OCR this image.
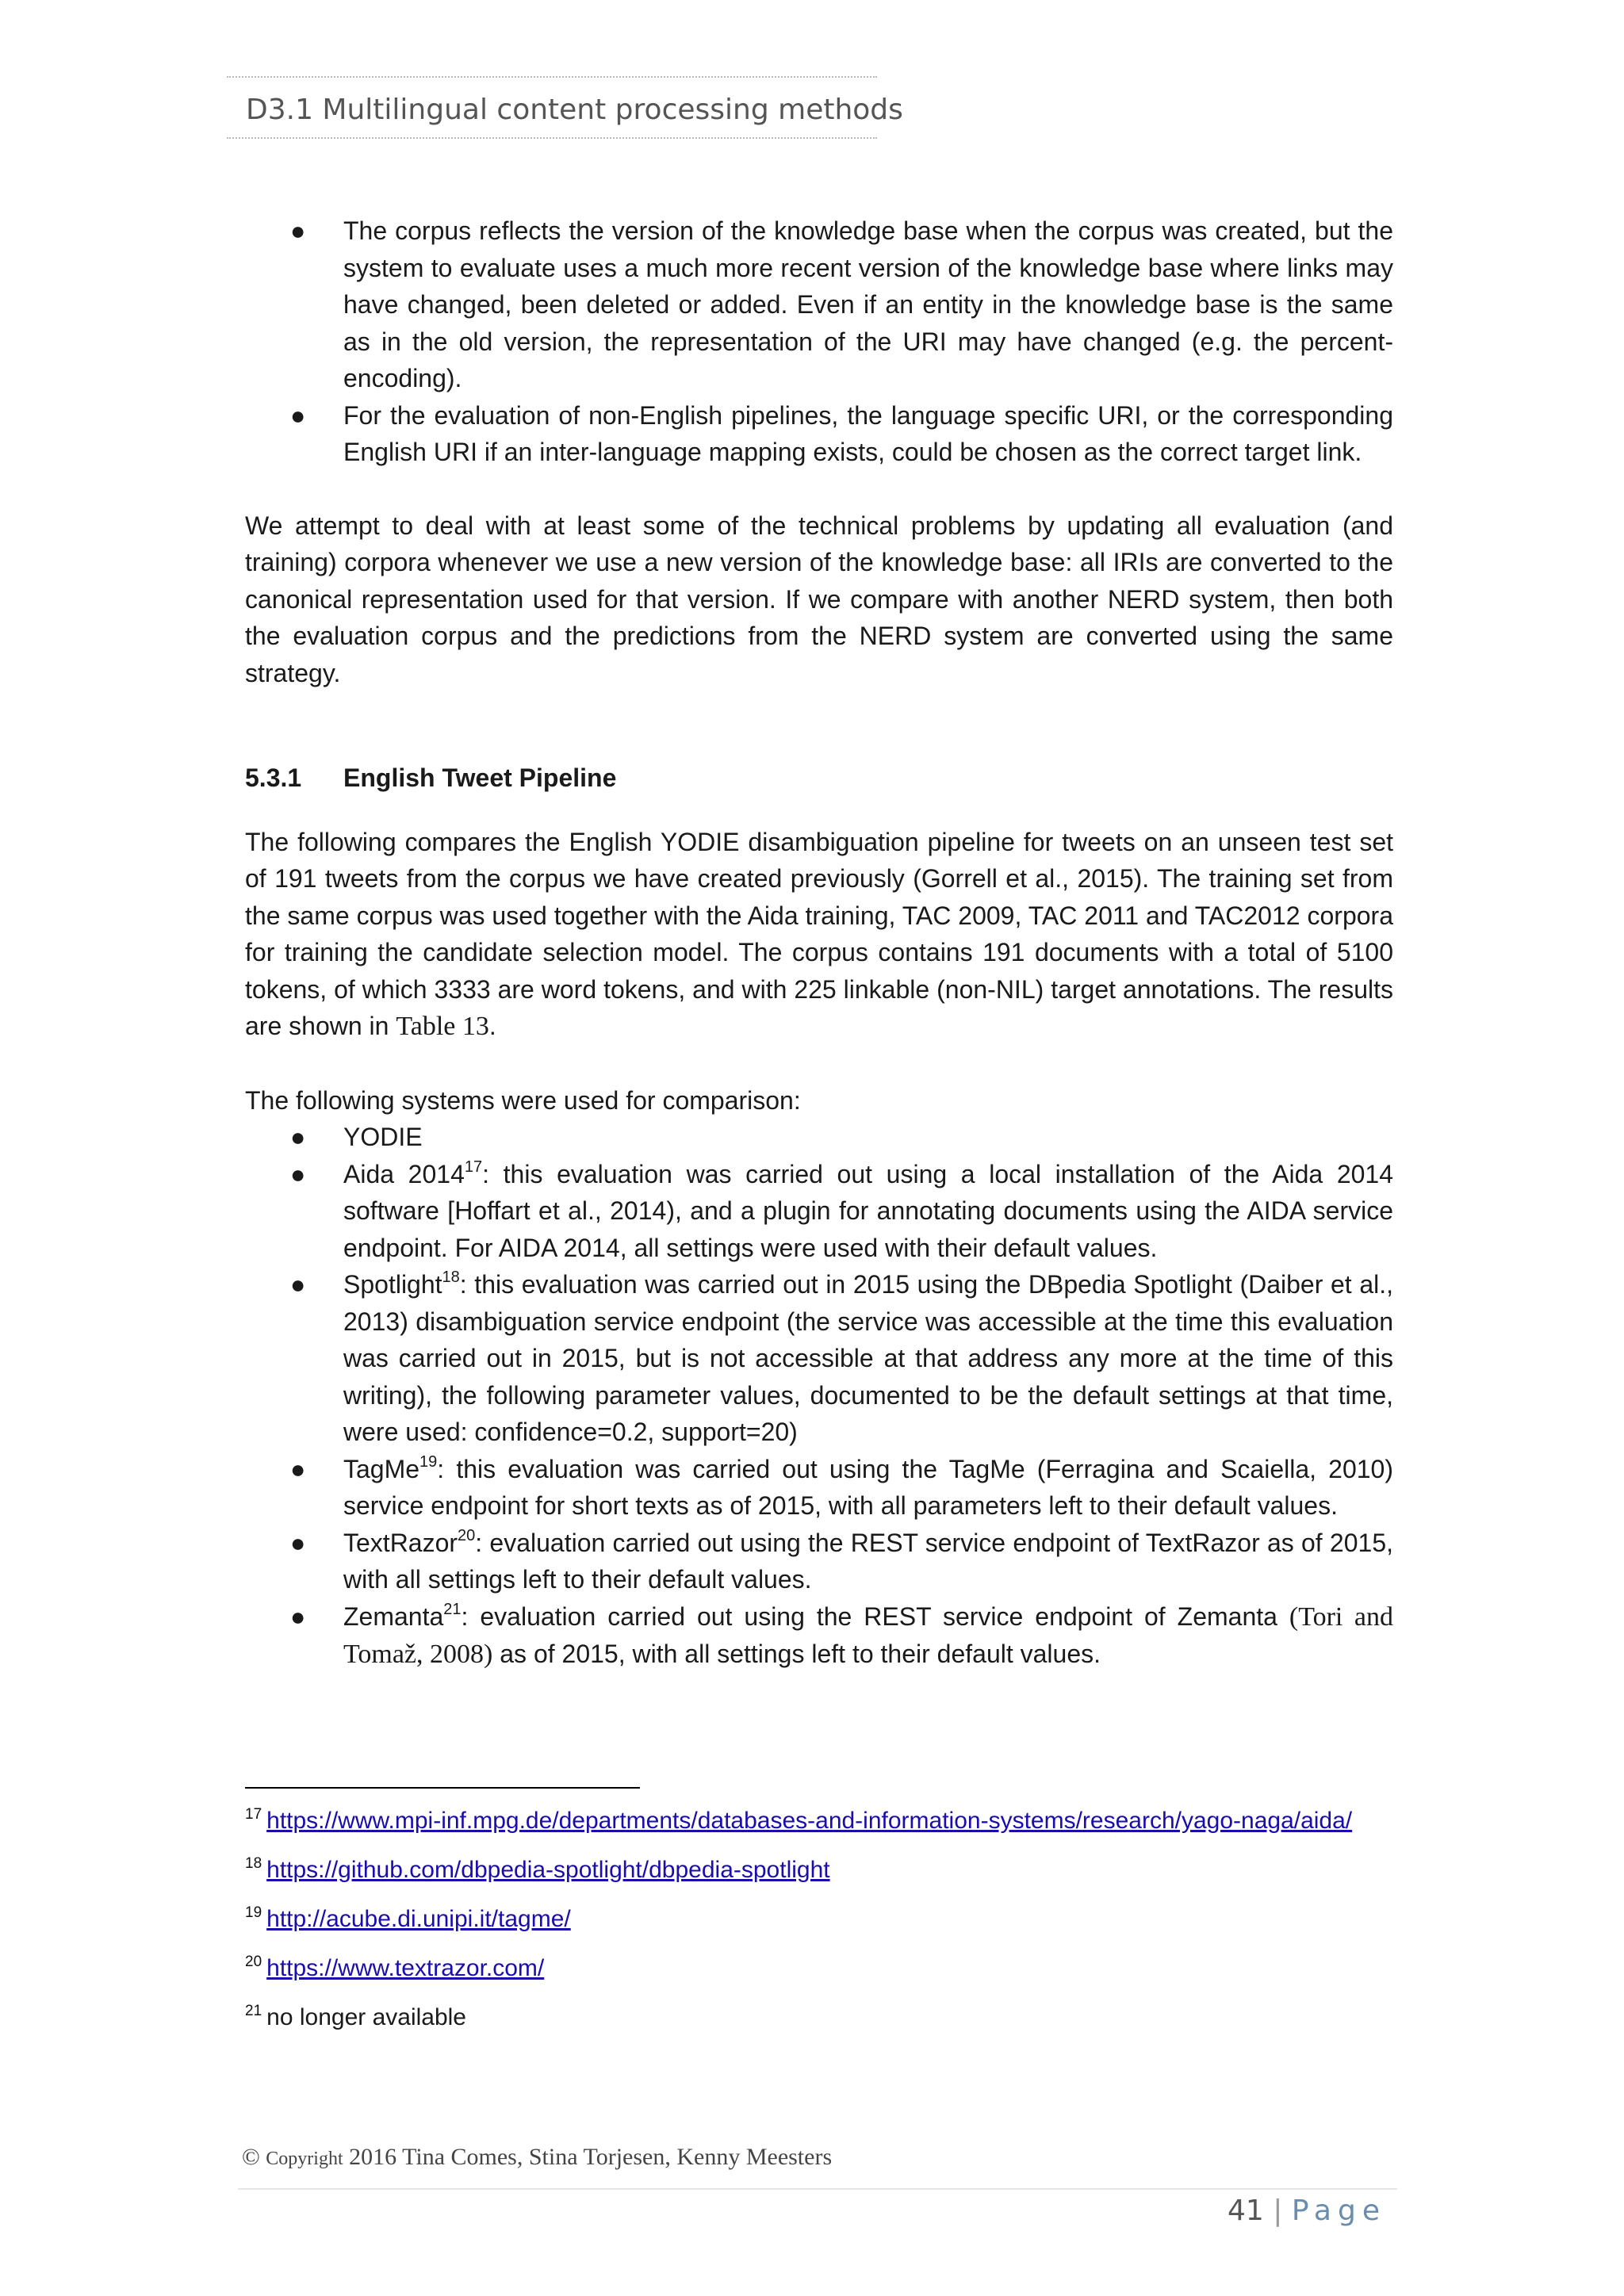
D3.1 Multilingual content processing methods
● The corpus reflects the version of the knowledge base when the corpus was created, but the system to evaluate uses a much more recent version of the knowledge base where links may have changed, been deleted or added. Even if an entity in the knowledge base is the same as in the old version, the representation of the URI may have changed (e.g. the percent-encoding).
● For the evaluation of non-English pipelines, the language specific URI, or the corresponding English URI if an inter-language mapping exists, could be chosen as the correct target link.

We attempt to deal with at least some of the technical problems by updating all evaluation (and training) corpora whenever we use a new version of the knowledge base: all IRIs are converted to the canonical representation used for that version. If we compare with another NERD system, then both the evaluation corpus and the predictions from the NERD system are converted using the same strategy.

5.3.1	English Tweet Pipeline

The following compares the English YODIE disambiguation pipeline for tweets on an unseen test set of 191 tweets from the corpus we have created previously (Gorrell et al., 2015). The training set from the same corpus was used together with the Aida training, TAC 2009, TAC 2011 and TAC2012 corpora for training the candidate selection model. The corpus contains 191 documents with a total of 5100 tokens, of which 3333 are word tokens, and with 225 linkable (non-NIL) target annotations. The results are shown in Table 13.

The following systems were used for comparison:

● YODIE
● Aida 2014$^{17}$: this evaluation was carried out using a local installation of the Aida 2014 software [Hoffart et al., 2014), and a plugin for annotating documents using the AIDA service endpoint. For AIDA 2014, all settings were used with their default values.
● Spotlight$^{18}$: this evaluation was carried out in 2015 using the DBpedia Spotlight (Daiber et al., 2013) disambiguation service endpoint (the service was accessible at the time this evaluation was carried out in 2015, but is not accessible at that address any more at the time of this writing), the following parameter values, documented to be the default settings at that time, were used: confidence=0.2, support=20)
● TagMe$^{19}$: this evaluation was carried out using the TagMe (Ferragina and Scaiella, 2010) service endpoint for short texts as of 2015, with all parameters left to their default values.
● TextRazor$^{20}$: evaluation carried out using the REST service endpoint of TextRazor as of 2015, with all settings left to their default values.
● Zemanta$^{21}$: evaluation carried out using the REST service endpoint of Zemanta (Tori and Tomaž, 2008) as of 2015, with all settings left to their default values.

$^{17}$ https://www.mpi-inf.mpg.de/departments/databases-and-information-systems/research/yago-naga/aida/

$^{18}$ https://github.com/dbpedia-spotlight/dbpedia-spotlight

$^{19}$ http://acube.di.unipi.it/tagme/

$^{20}$ https://www.textrazor.com/

$^{21}$ no longer available

© Copyright 2016 Tina Comes, Stina Torjesen, Kenny Meesters
41 | Page
